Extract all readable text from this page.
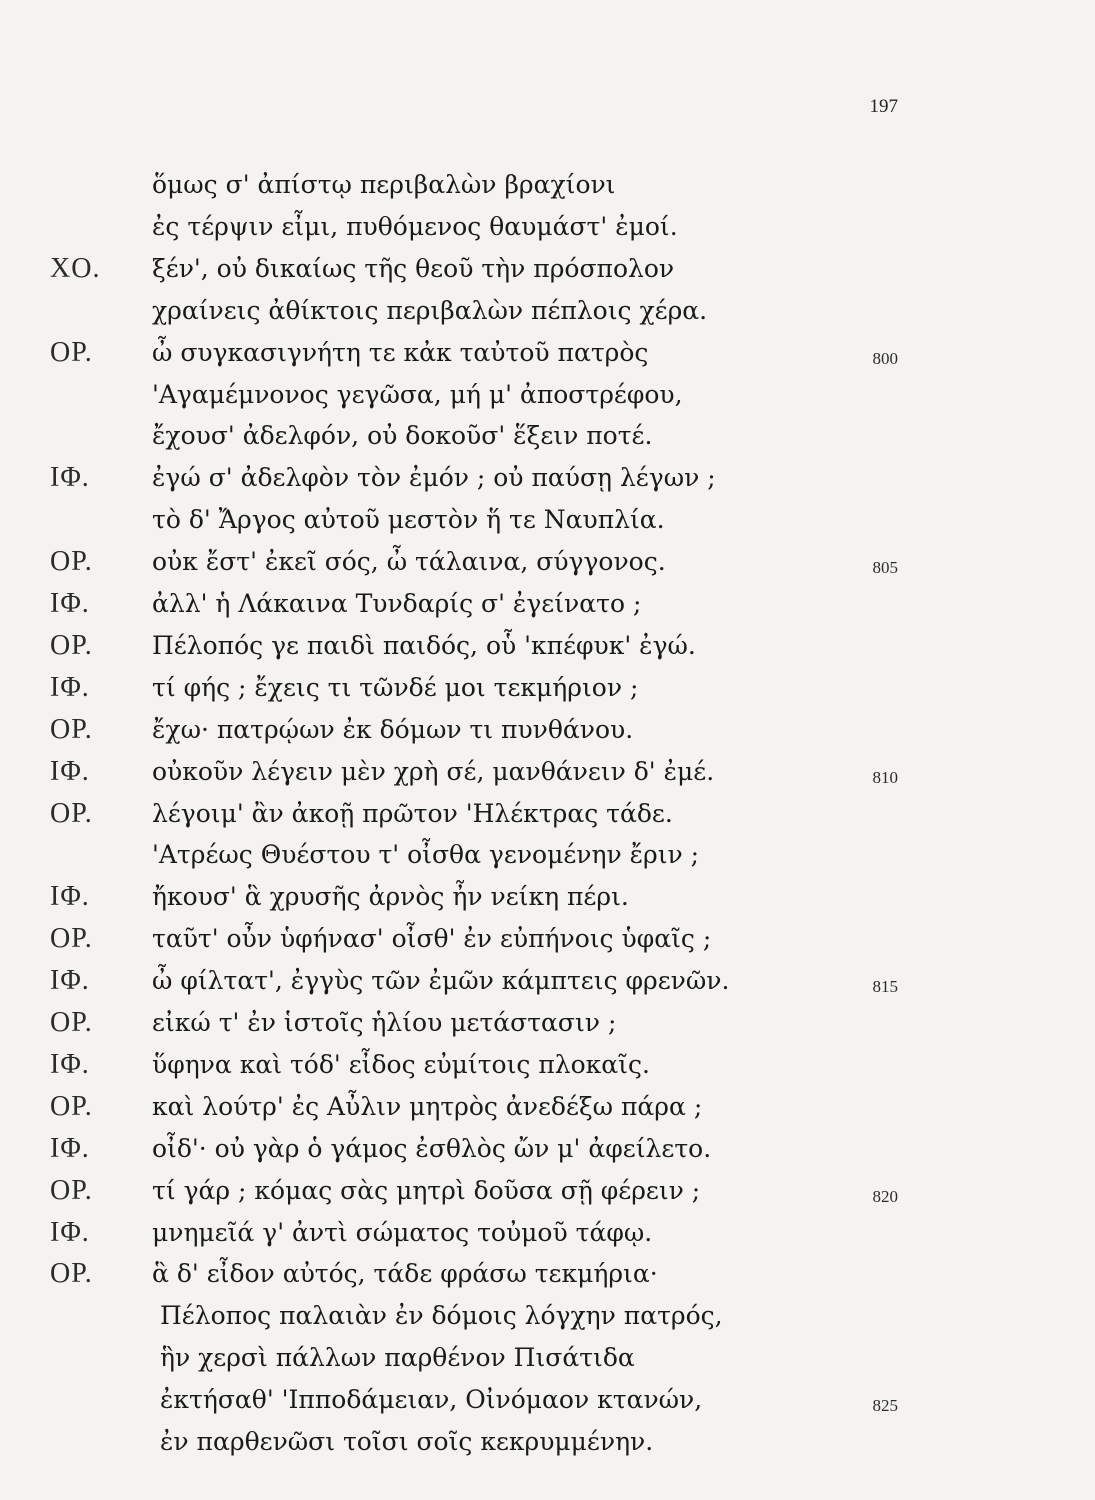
197
ὅμως σ' ἀπίστῳ περιβαλὼν βραχίονι
ἐς τέρψιν εἶμι, πυθόμενος θαυμάστ' ἐμοί.
ΧΟ. ξέν', οὐ δικαίως τῆς θεοῦ τὴν πρόσπολον
χραίνεις ἀθίκτοις περιβαλὼν πέπλοις χέρα.
ΟΡ. ὦ συγκασιγνήτη τε κἀκ ταὐτοῦ πατρὸς	800
'Αγαμέμνονος γεγῶσα, μή μ' ἀποστρέφου,
ἔχουσ' ἀδελφόν, οὐ δοκοῦσ' ἕξειν ποτέ.
ΙΦ. ἐγώ σ' ἀδελφὸν τὸν ἐμόν ; οὐ παύσῃ λέγων ;
τὸ δ' Ἄργος αὐτοῦ μεστὸν ἥ τε Ναυπλία.
ΟΡ. οὐκ ἔστ' ἐκεῖ σός, ὦ τάλαινα, σύγγονος.	805
ΙΦ. ἀλλ' ἡ Λάκαινα Τυνδαρίς σ' ἐγείνατο ;
ΟΡ. Πέλοπός γε παιδὶ παιδός, οὗ 'κπέφυκ' ἐγώ.
ΙΦ. τί φής ; ἔχεις τι τῶνδέ μοι τεκμήριον ;
ΟΡ. ἔχω· πατρῴων ἐκ δόμων τι πυνθάνου.
ΙΦ. οὐκοῦν λέγειν μὲν χρὴ σέ, μανθάνειν δ' ἐμέ.	810
ΟΡ. λέγοιμ' ἂν ἀκοῇ πρῶτον 'Ηλέκτρας τάδε.
'Ατρέως Θυέστου τ' οἶσθα γενομένην ἔριν ;
ΙΦ. ἤκουσ' ἃ χρυσῆς ἀρνὸς ἦν νείκη πέρι.
ΟΡ. ταῦτ' οὖν ὑφήνασ' οἶσθ' ἐν εὐπήνοις ὑφαῖς ;
ΙΦ. ὦ φίλτατ', ἐγγὺς τῶν ἐμῶν κάμπτεις φρενῶν.	815
ΟΡ. εἰκώ τ' ἐν ἱστοῖς ἡλίου μετάστασιν ;
ΙΦ. ὕφηνα καὶ τόδ' εἶδος εὐμίτοις πλοκαῖς.
ΟΡ. καὶ λούτρ' ἐς Αὖλιν μητρὸς ἀνεδέξω πάρα ;
ΙΦ. οἶδ'· οὐ γὰρ ὁ γάμος ἐσθλὸς ὤν μ' ἀφείλετο.
ΟΡ. τί γάρ ; κόμας σὰς μητρὶ δοῦσα σῇ φέρειν ;	820
ΙΦ. μνημεῖά γ' ἀντὶ σώματος τοὐμοῦ τάφῳ.
ΟΡ. ἃ δ' εἶδον αὐτός, τάδε φράσω τεκμήρια·
Πέλοπος παλαιὰν ἐν δόμοις λόγχην πατρός,
ἣν χερσὶ πάλλων παρθένον Πισάτιδα
ἐκτήσαθ' 'Ιπποδάμειαν, Οἰνόμαον κτανών,	825
ἐν παρθενῶσι τοῖσι σοῖς κεκρυμμένην.
